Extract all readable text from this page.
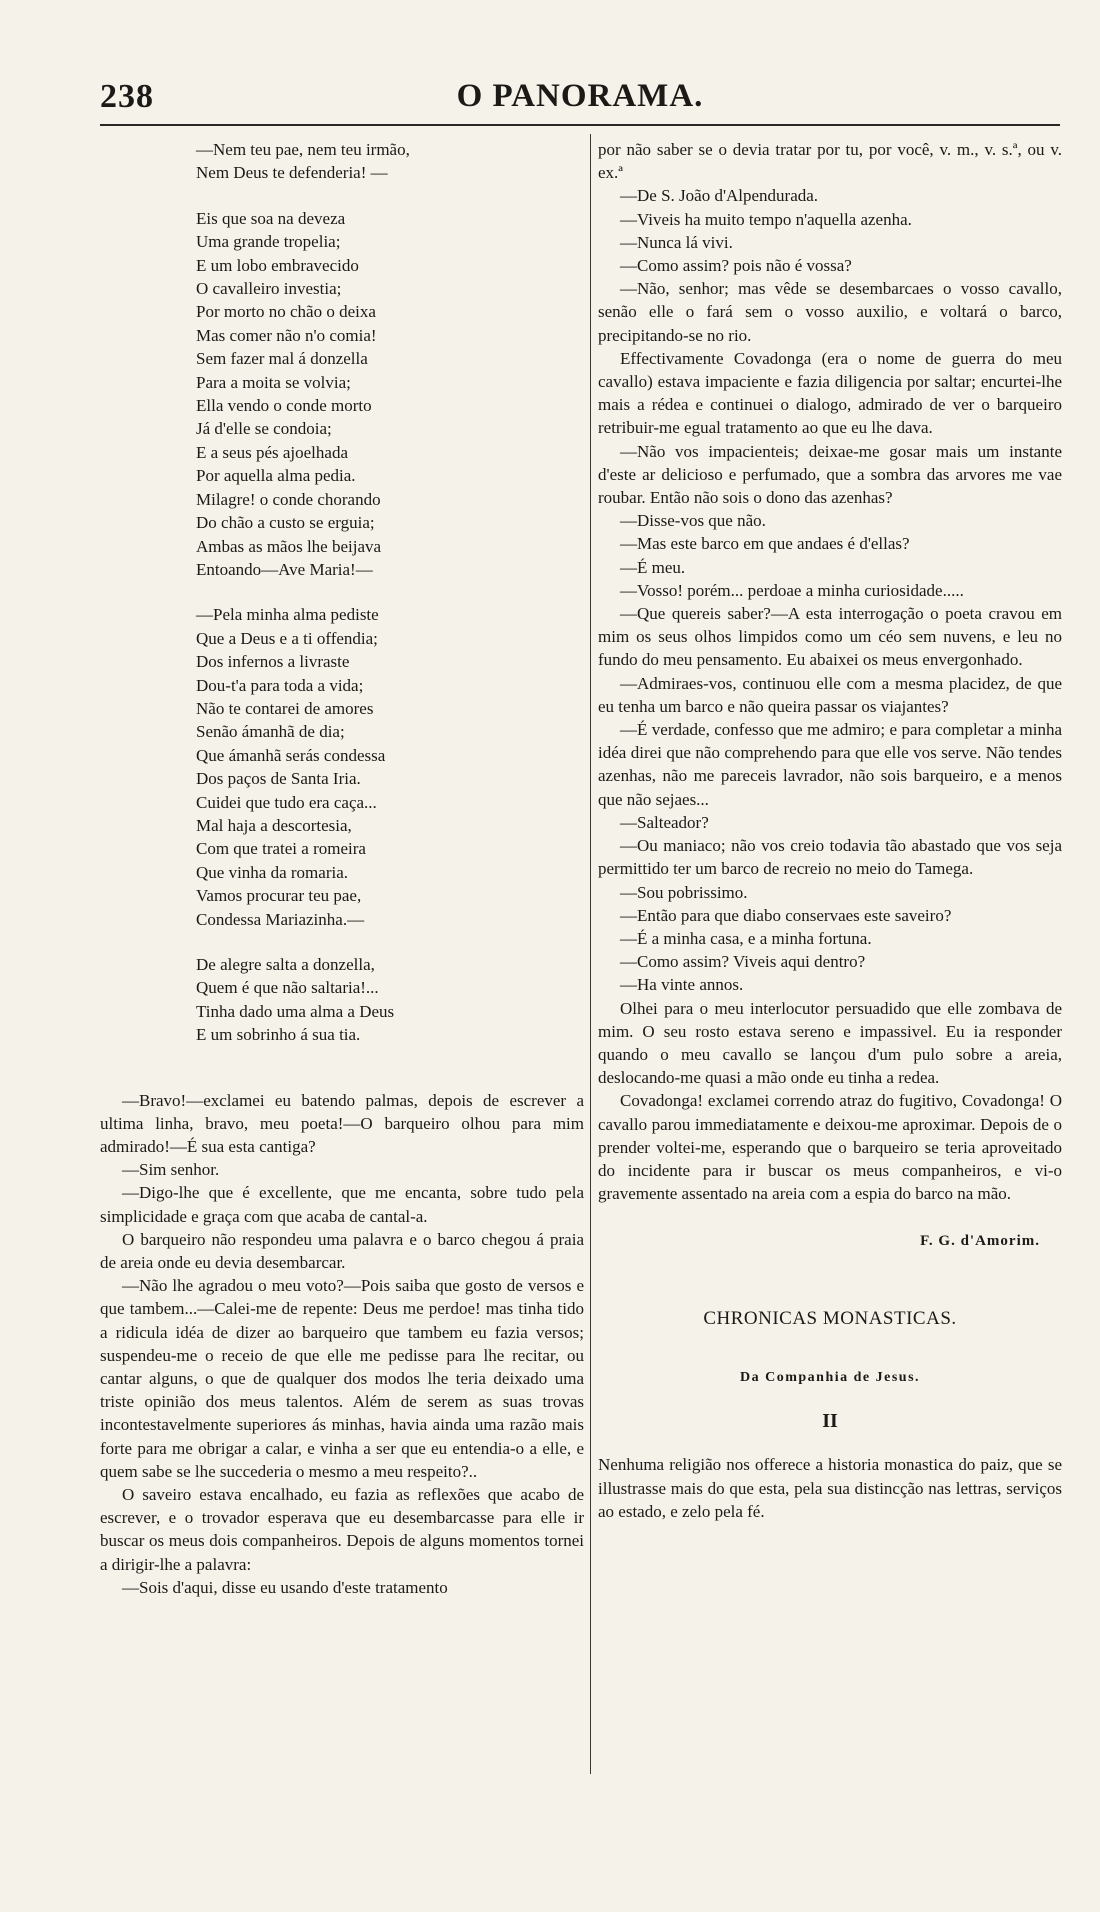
238	O PANORAMA.
—Nem teu pae, nem teu irmão,
Nem Deus te defenderia! —
Eis que soa na deveza
Uma grande tropelia;
E um lobo embravecido
O cavalleiro investia;
Por morto no chão o deixa
Mas comer não n'o comia!
Sem fazer mal á donzella
Para a moita se volvia;
Ella vendo o conde morto
Já d'elle se condoia;
E a seus pés ajoelhada
Por aquella alma pedia.
Milagre! o conde chorando
Do chão a custo se erguia;
Ambas as mãos lhe beijava
Entoando—Ave Maria!—
—Pela minha alma pediste
Que a Deus e a ti offendia;
Dos infernos a livraste
Dou-t'a para toda a vida;
Não te contarei de amores
Senão ámanhã de dia;
Que ámanhã serás condessa
Dos paços de Santa Iria.
Cuidei que tudo era caça...
Mal haja a descortesia,
Com que tratei a romeira
Que vinha da romaria.
Vamos procurar teu pae,
Condessa Mariazinha.—
De alegre salta a donzella,
Quem é que não saltaria!...
Tinha dado uma alma a Deus
E um sobrinho á sua tia.

—Bravo!—exclamei eu batendo palmas, depois de escrever a ultima linha, bravo, meu poeta!—O barqueiro olhou para mim admirado!—É sua esta cantiga?

—Sim senhor.

—Digo-lhe que é excellente, que me encanta, sobre tudo pela simplicidade e graça com que acaba de cantal-a.

O barqueiro não respondeu uma palavra e o barco chegou á praia de areia onde eu devia desembarcar.

—Não lhe agradou o meu voto?—Pois saiba que gosto de versos e que tambem...—Calei-me de repente: Deus me perdoe! mas tinha tido a ridicula idéa de dizer ao barqueiro que tambem eu fazia versos; suspendeu-me o receio de que elle me pedisse para lhe recitar, ou cantar alguns, o que de qualquer dos modos lhe teria deixado uma triste opinião dos meus talentos. Além de serem as suas trovas incontestavelmente superiores ás minhas, havia ainda uma razão mais forte para me obrigar a calar, e vinha a ser que eu entendia-o a elle, e quem sabe se lhe succederia o mesmo a meu respeito?..

O saveiro estava encalhado, eu fazia as reflexões que acabo de escrever, e o trovador esperava que eu desembarcasse para elle ir buscar os meus dois companheiros. Depois de alguns momentos tornei a dirigir-lhe a palavra:

—Sois d'aqui, disse eu usando d'este tratamento

por não saber se o devia tratar por tu, por você, v. m., v. s.ª, ou v. ex.ª

—De S. João d'Alpendurada.

—Viveis ha muito tempo n'aquella azenha.

—Nunca lá vivi.

—Como assim? pois não é vossa?

—Não, senhor; mas vêde se desembarcaes o vosso cavallo, senão elle o fará sem o vosso auxilio, e voltará o barco, precipitando-se no rio.

Effectivamente Covadonga (era o nome de guerra do meu cavallo) estava impaciente e fazia diligencia por saltar; encurtei-lhe mais a rédea e continuei o dialogo, admirado de ver o barqueiro retribuir-me egual tratamento ao que eu lhe dava.

—Não vos impacienteis; deixae-me gosar mais um instante d'este ar delicioso e perfumado, que a sombra das arvores me vae roubar. Então não sois o dono das azenhas?

—Disse-vos que não.

—Mas este barco em que andaes é d'ellas?

—É meu.

—Vosso! porém... perdoae a minha curiosidade.....

—Que quereis saber?—A esta interrogação o poeta cravou em mim os seus olhos limpidos como um céo sem nuvens, e leu no fundo do meu pensamento. Eu abaixei os meus envergonhado.

—Admiraes-vos, continuou elle com a mesma placidez, de que eu tenha um barco e não queira passar os viajantes?

—É verdade, confesso que me admiro; e para completar a minha idéa direi que não comprehendo para que elle vos serve. Não tendes azenhas, não me pareceis lavrador, não sois barqueiro, e a menos que não sejaes...

—Salteador?

—Ou maniaco; não vos creio todavia tão abastado que vos seja permittido ter um barco de recreio no meio do Tamega.

—Sou pobrissimo.

—Então para que diabo conservaes este saveiro?

—É a minha casa, e a minha fortuna.

—Como assim? Viveis aqui dentro?

—Ha vinte annos.

Olhei para o meu interlocutor persuadido que elle zombava de mim. O seu rosto estava sereno e impassivel. Eu ia responder quando o meu cavallo se lançou d'um pulo sobre a areia, deslocando-me quasi a mão onde eu tinha a redea.

Covadonga! exclamei correndo atraz do fugitivo, Covadonga! O cavallo parou immediatamente e deixou-me aproximar. Depois de o prender voltei-me, esperando que o barqueiro se teria aproveitado do incidente para ir buscar os meus companheiros, e vi-o gravemente assentado na areia com a espia do barco na mão.

F. G. d'Amorim.
CHRONICAS MONASTICAS.
Da Companhia de Jesus.
II

Nenhuma religião nos offerece a historia monastica do paiz, que se illustrasse mais do que esta, pela sua distincção nas lettras, serviços ao estado, e zelo pela fé.
